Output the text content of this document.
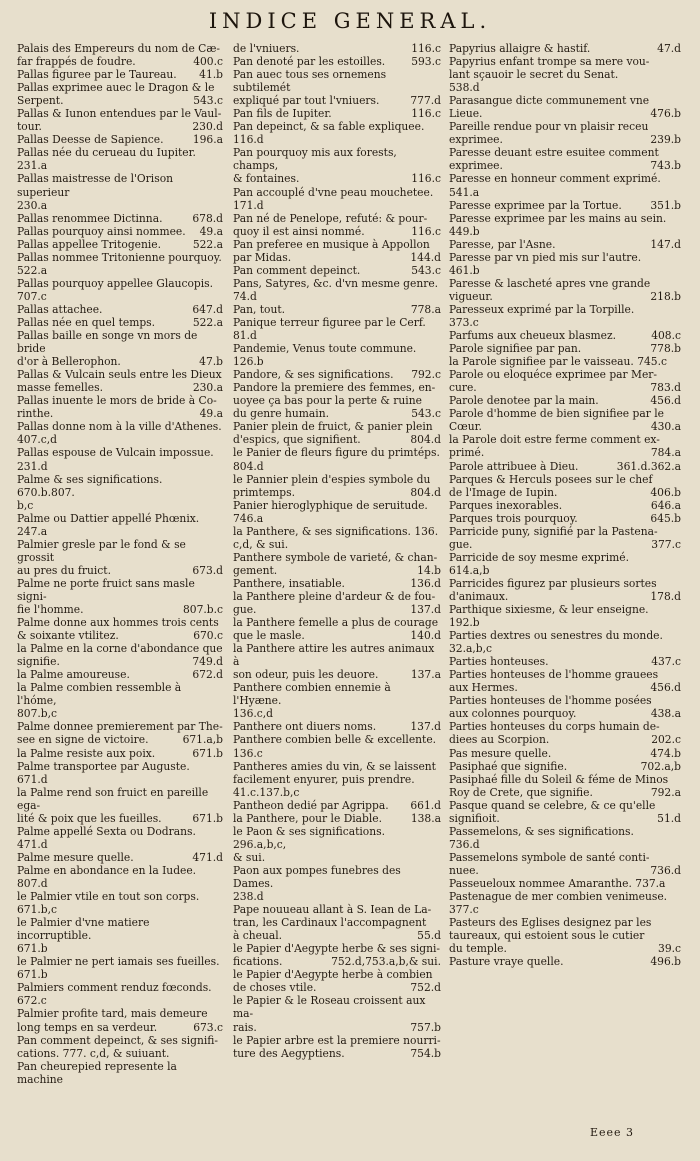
INDICE GENERAL.
Palais des Empereurs du nom de Cæ-
far frappés de foudre.	400.c
Pallas figuree par le Taureau.	41.b
Pallas exprimee auec le Dragon & le
Serpent.	543.c
Pallas & Iunon entendues par le Vaul-
tour.	230.d
Pallas Deesse de Sapience.	196.a
Pallas née du cerueau du Iupiter.
231.a
Pallas maistresse de l'Orison superieur
230.a
Pallas renommee Dictinna.	678.d
Pallas pourquoy ainsi nommee.	49.a
Pallas appellee Tritogenie.	522.a
Pallas nommee Tritonienne pourquoy.
522.a
Pallas pourquoy appellee Glaucopis.
707.c
Pallas attachee.	647.d
Pallas née en quel temps.	522.a
Pallas baille en songe vn mors de bride
d'or à Bellerophon.	47.b
Pallas & Vulcain seuls entre les Dieux
masse femelles.	230.a
Pallas inuente le mors de bride à Co-
rinthe.	49.a
Pallas donne nom à la ville d'Athenes.
407.c,d
Pallas espouse de Vulcain impossue.
231.d
Palme & ses significations. 670.b.807.
b,c
Palme ou Dattier appellé Phœnix.
247.a
Palmier gresle par le fond & se grossit
au pres du fruict.	673.d
Palme ne porte fruict sans masle signi-
fie l'homme.	807.b.c
Palme donne aux hommes trois cents
& soixante vtilitez.	670.c
la Palme en la corne d'abondance que
signifie.	749.d
la Palme amoureuse.	672.d
la Palme combien ressemble à l'hóme,
807.b,c
Palme donnee premierement par The-
see en signe de victoire.	671.a,b
la Palme resiste aux poix.	671.b
Palme transportee par Auguste.
671.d
la Palme rend son fruict en pareille ega-
lité & poix que les fueilles.	671.b
Palme appellé Sexta ou Dodrans.
471.d
Palme mesure quelle.	471.d
Palme en abondance en la Iudee.
807.d
le Palmier vtile en tout son corps.
671.b,c
le Palmier d'vne matiere incorruptible.
671.b
le Palmier ne pert iamais ses fueilles.
671.b
Palmiers comment renduz fœconds.
672.c
Palmier profite tard, mais demeure
long temps en sa verdeur.	673.c
Pan comment depeinct, & ses signifi-
cations. 777. c,d, & suiuant.
Pan cheurepied represente la machine
de l'vniuers.	116.c
Pan denoté par les estoilles.	593.c
Pan auec tous ses ornemens subtilemét
expliqué par tout l'vniuers.	777.d
Pan fils de Iupiter.	116.c
Pan depeinct, & sa fable expliquee.
116.d
Pan pourquoy mis aux forests, champs,
& fontaines.	116.c
Pan accouplé d'vne peau mouchetee.
171.d
Pan né de Penelope, refuté: & pour-
quoy il est ainsi nommé.	116.c
Pan preferee en musique à Appollon
par Midas.	144.d
Pan comment depeinct.	543.c
Pans, Satyres, &c. d'vn mesme genre.
74.d
Pan, tout.	778.a
Panique terreur figuree par le Cerf.
81.d
Pandemie, Venus toute commune.
126.b
Pandore, & ses significations.	792.c
Pandore la premiere des femmes, en-
uoyee ça bas pour la perte & ruine
du genre humain.	543.c
Panier plein de fruict, & panier plein
d'espics, que signifient.	804.d
le Panier de fleurs figure du primtéps.
804.d
le Pannier plein d'espies symbole du
primtemps.	804.d
Panier hieroglyphique de seruitude.
746.a
la Panthere, & ses significations. 136.
c,d, & sui.
Panthere symbole de varieté, & chan-
gement.	14.b
Panthere, insatiable.	136.d
la Panthere pleine d'ardeur & de fou-
gue.	137.d
la Panthere femelle a plus de courage
que le masle.	140.d
la Panthere attire les autres animaux à
son odeur, puis les deuore.	137.a
Panthere combien ennemie à l'Hyæne.
136.c,d
Panthere ont diuers noms.	137.d
Panthere combien belle & excellente.
136.c
Pantheres amies du vin, & se laissent
facilement enyurer, puis prendre.
41.c.137.b,c
Pantheon dedié par Agrippa.	661.d
la Panthere, pour le Diable.	138.a
le Paon & ses significations. 296.a,b,c,
& sui.
Paon aux pompes funebres des Dames.
238.d
Pape nouueau allant à S. Iean de La-
tran, les Cardinaux l'accompagnent
à cheual.	55.d
le Papier d'Aegypte herbe & ses signi-
fications.	752.d,753.a,b,& sui.
le Papier d'Aegypte herbe à combien
de choses vtile.	752.d
le Papier & le Roseau croissent aux ma-
rais.	757.b
le Papier arbre est la premiere nourri-
ture des Aegyptiens.	754.b
Papyrius allaigre & hastif.	47.d
Papyrius enfant trompe sa mere vou-
lant sçauoir le secret du Senat.
538.d
Parasangue dicte communement vne
Lieue.	476.b
Pareille rendue pour vn plaisir receu
exprimee.	239.b
Paresse deuant estre esuitee comment
exprimee.	743.b
Paresse en honneur comment exprimé.
541.a
Paresse exprimee par la Tortue.	351.b
Paresse exprimee par les mains au sein.
449.b
Paresse, par l'Asne.	147.d
Paresse par vn pied mis sur l'autre.
461.b
Paresse & lascheté apres vne grande
vigueur.	218.b
Paresseux exprimé par la Torpille.
373.c
Parfums aux cheueux blasmez.	408.c
Parole signifiee par pan.	778.b
la Parole signifiee par le vaisseau. 745.c
Parole ou eloquéce exprimee par Mer-
cure.	783.d
Parole denotee par la main.	456.d
Parole d'homme de bien signifiee par le
Cœur.	430.a
la Parole doit estre ferme comment ex-
primé.	784.a
Parole attribuee à Dieu.	361.d.362.a
Parques & Herculs posees sur le chef
de l'Image de Iupin.	406.b
Parques inexorables.	646.a
Parques trois pourquoy.	645.b
Parricide puny, signifié par la Pastena-
gue.	377.c
Parricide de soy mesme exprimé.
614.a,b
Parricides figurez par plusieurs sortes
d'animaux.	178.d
Parthique sixiesme, & leur enseigne.
192.b
Parties dextres ou senestres du monde.
32.a,b,c
Parties honteuses.	437.c
Parties honteuses de l'homme grauees
aux Hermes.	456.d
Parties honteuses de l'homme posées
aux colonnes pourquoy.	438.a
Parties honteuses du corps humain de-
diees au Scorpion.	202.c
Pas mesure quelle.	474.b
Pasiphaé que signifie.	702.a,b
Pasiphaé fille du Soleil & féme de Minos
Roy de Crete, que signifie.	792.a
Pasque quand se celebre, & ce qu'elle
signifioit.	51.d
Passemelons, & ses significations.
736.d
Passemelons symbole de santé conti-
nuee.	736.d
Passeueloux nommee Amaranthe. 737.a
Pastenague de mer combien venimeuse.
377.c
Pasteurs des Eglises designez par les
taureaux, qui estoient sous le cutier
du temple.	39.c
Pasture vraye quelle.	496.b
Eeee 3
